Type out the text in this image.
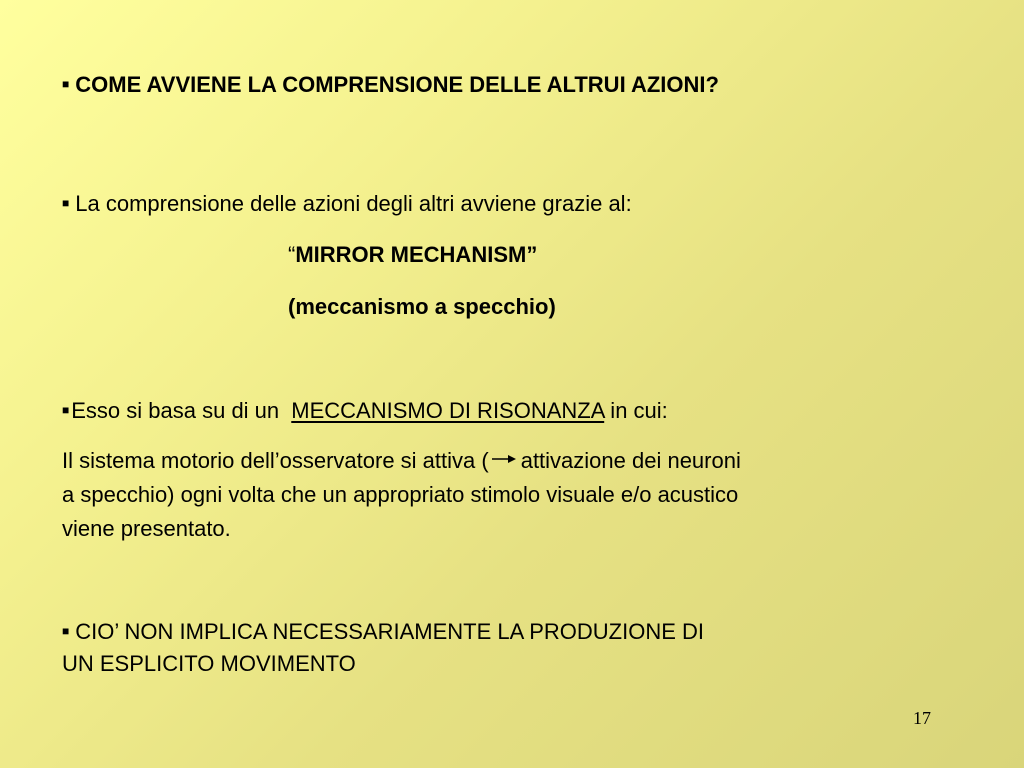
■ COME AVVIENE LA COMPRENSIONE DELLE ALTRUI AZIONI?
■ La comprensione delle azioni degli altri avviene grazie al:
“MIRROR MECHANISM”
(meccanismo a specchio)
■Esso si basa su di un MECCANISMO DI RISONANZA in cui:
Il sistema motorio dell’osservatore si attiva ( attivazione dei neuroni
a specchio) ogni volta che un appropriato stimolo visuale e/o acustico
viene presentato.
■ CIO’ NON IMPLICA NECESSARIAMENTE LA PRODUZIONE DI
UN ESPLICITO MOVIMENTO
17
